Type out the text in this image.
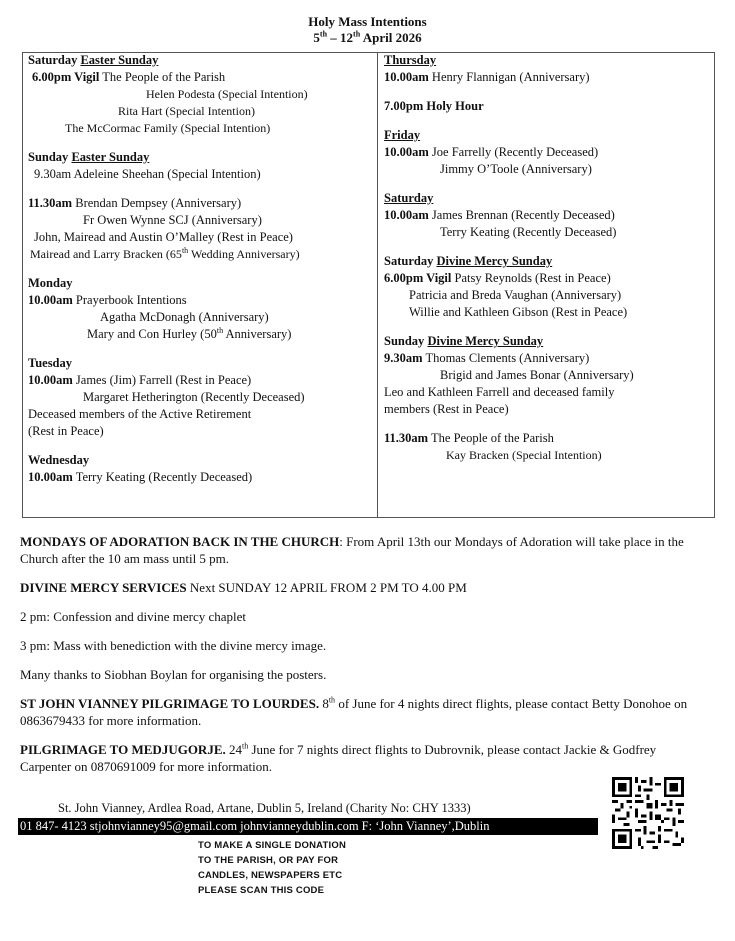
Holy Mass Intentions
5th – 12th April 2026
Saturday Easter Sunday
6.00pm Vigil The People of the Parish
Helen Podesta (Special Intention)
Rita Hart (Special Intention)
The McCormac Family (Special Intention)
Sunday Easter Sunday
9.30am Adeleine Sheehan (Special Intention)
11.30am Brendan Dempsey (Anniversary)
Fr Owen Wynne SCJ (Anniversary)
John, Mairead and Austin O’Malley (Rest in Peace)
Mairead and Larry Bracken (65th Wedding Anniversary)
Monday
10.00am Prayerbook Intentions
Agatha McDonagh (Anniversary)
Mary and Con Hurley (50th Anniversary)
Tuesday
10.00am James (Jim) Farrell (Rest in Peace)
Margaret Hetherington (Recently Deceased)
Deceased members of the Active Retirement
(Rest in Peace)
Wednesday
10.00am Terry Keating (Recently Deceased)
Thursday
10.00am Henry Flannigan (Anniversary)
7.00pm Holy Hour
Friday
10.00am Joe Farrelly (Recently Deceased)
Jimmy O’Toole (Anniversary)
Saturday
10.00am James Brennan (Recently Deceased)
Terry Keating (Recently Deceased)
Saturday Divine Mercy Sunday
6.00pm Vigil Patsy Reynolds (Rest in Peace)
Patricia and Breda Vaughan (Anniversary)
Willie and Kathleen Gibson (Rest in Peace)
Sunday Divine Mercy Sunday
9.30am Thomas Clements (Anniversary)
Brigid and James Bonar (Anniversary)
Leo and Kathleen Farrell and deceased family
members (Rest in Peace)
11.30am The People of the Parish
Kay Bracken (Special Intention)

MONDAYS OF ADORATION BACK IN THE CHURCH: From April 13th our Mondays of Adoration will take place in the Church after the 10 am mass until 5 pm.

DIVINE MERCY SERVICES Next SUNDAY 12 APRIL FROM 2 PM TO 4.00 PM

2 pm: Confession and divine mercy chaplet

3 pm: Mass with benediction with the divine mercy image.

Many thanks to Siobhan Boylan for organising the posters.

ST JOHN VIANNEY PILGRIMAGE TO LOURDES. 8th of June for 4 nights direct flights, please contact Betty Donohoe on 0863679433 for more information.

PILGRIMAGE TO MEDJUGORJE. 24th June for 7 nights direct flights to Dubrovnik, please contact Jackie & Godfrey Carpenter on 0870691009 for more information.

St. John Vianney, Ardlea Road, Artane, Dublin 5, Ireland (Charity No: CHY 1333)
01 847- 4123 stjohnvianney95@gmail.com johnvianneydublin.com F: ‘John Vianney’,Dublin
TO MAKE A SINGLE DONATION
TO THE PARISH, OR PAY FOR
CANDLES, NEWSPAPERS ETC
PLEASE SCAN THIS CODE
